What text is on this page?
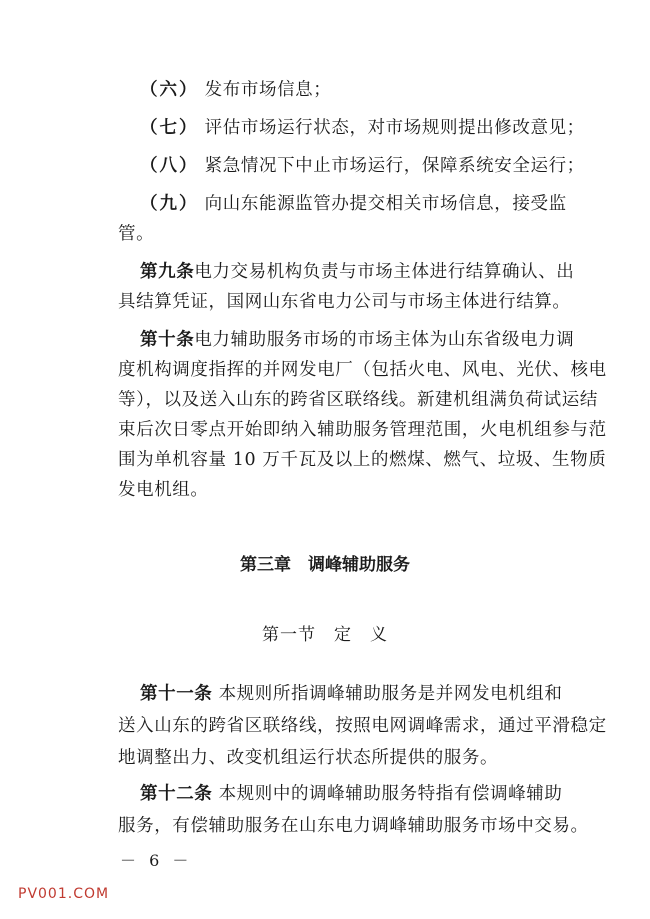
（六） 发布市场信息；
（七） 评估市场运行状态，对市场规则提出修改意见；
（八） 紧急情况下中止市场运行，保障系统安全运行；
（九） 向山东能源监管办提交相关市场信息，接受监
管。
第九条电力交易机构负责与市场主体进行结算确认、出
具结算凭证，国网山东省电力公司与市场主体进行结算。
第十条电力辅助服务市场的市场主体为山东省级电力调
度机构调度指挥的并网发电厂（包括火电、风电、光伏、核电
等），以及送入山东的跨省区联络线。新建机组满负荷试运结
束后次日零点开始即纳入辅助服务管理范围，火电机组参与范
围为单机容量 10 万千瓦及以上的燃煤、燃气、垃圾、生物质
发电机组。
第三章　调峰辅助服务
第一节　定　义
第十一条 本规则所指调峰辅助服务是并网发电机组和
送入山东的跨省区联络线，按照电网调峰需求，通过平滑稳定
地调整出力、改变机组运行状态所提供的服务。
第十二条 本规则中的调峰辅助服务特指有偿调峰辅助
服务，有偿辅助服务在山东电力调峰辅助服务市场中交易。
－ 6 －
PV001.COM
